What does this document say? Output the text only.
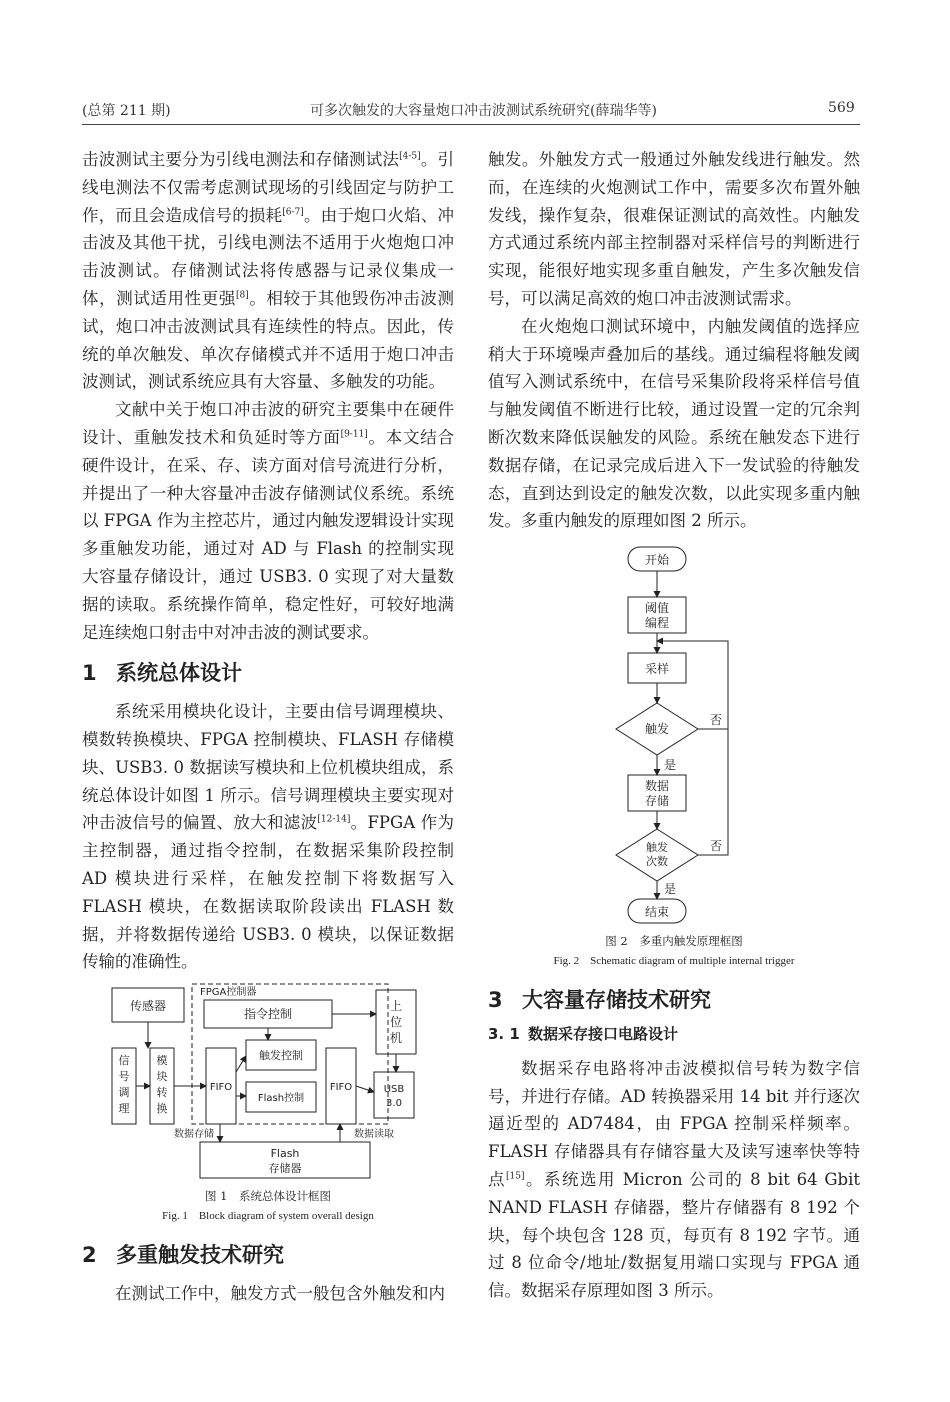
(总第 211 期)	可多次触发的大容量炮口冲击波测试系统研究(薛瑞华等)	569

击波测试主要分为引线电测法和存储测试法[4-5]。引线电测法不仅需考虑测试现场的引线固定与防护工作，而且会造成信号的损耗[6-7]。由于炮口火焰、冲击波及其他干扰，引线电测法不适用于火炮炮口冲击波测试。存储测试法将传感器与记录仪集成一体，测试适用性更强[8]。相较于其他毁伤冲击波测试，炮口冲击波测试具有连续性的特点。因此，传统的单次触发、单次存储模式并不适用于炮口冲击波测试，测试系统应具有大容量、多触发的功能。

文献中关于炮口冲击波的研究主要集中在硬件设计、重触发技术和负延时等方面[9-11]。本文结合硬件设计，在采、存、读方面对信号流进行分析，并提出了一种大容量冲击波存储测试仪系统。系统以 FPGA 作为主控芯片，通过内触发逻辑设计实现多重触发功能，通过对 AD 与 Flash 的控制实现大容量存储设计，通过 USB3. 0 实现了对大量数据的读取。系统操作简单，稳定性好，可较好地满足连续炮口射击中对冲击波的测试要求。

1 系统总体设计

系统采用模块化设计，主要由信号调理模块、模数转换模块、FPGA 控制模块、FLASH 存储模块、USB3. 0 数据读写模块和上位机模块组成，系统总体设计如图 1 所示。信号调理模块主要实现对冲击波信号的偏置、放大和滤波[12-14]。FPGA 作为主控制器，通过指令控制，在数据采集阶段控制 AD 模块进行采样，在触发控制下将数据写入 FLASH 模块，在数据读取阶段读出 FLASH 数据，并将数据传递给 USB3. 0 模块，以保证数据传输的准确性。

传感器
FPGA控制器
上
位
机
指令控制
信
号
调
理
模
块
转
换
FIFO
触发控制
FIFO	USB
3.0
Flash控制
数据存储	数据读取
Flash
存储器
图 1　系统总体设计框图
Fig. 1　Block diagram of system overall design
2 多重触发技术研究

在测试工作中，触发方式一般包含外触发和内

触发。外触发方式一般通过外触发线进行触发。然而，在连续的火炮测试工作中，需要多次布置外触发线，操作复杂，很难保证测试的高效性。内触发方式通过系统内部主控制器对采样信号的判断进行实现，能很好地实现多重自触发，产生多次触发信号，可以满足高效的炮口冲击波测试需求。

在火炮炮口测试环境中，内触发阈值的选择应稍大于环境噪声叠加后的基线。通过编程将触发阈值写入测试系统中，在信号采集阶段将采样信号值与触发阈值不断进行比较，通过设置一定的冗余判断次数来降低误触发的风险。系统在触发态下进行数据存储，在记录完成后进入下一发试验的待触发态，直到达到设定的触发次数，以此实现多重内触发。多重内触发的原理如图 2 所示。

开始
阈值
编程
采样
触发
数据
存储
触发
次数
结束
否
是
否
是
图 2　多重内触发原理框图
Fig. 2　Schematic diagram of multiple internal trigger
3 大容量存储技术研究
3. 1 数据采存接口电路设计

数据采存电路将冲击波模拟信号转为数字信号，并进行存储。AD 转换器采用 14 bit 并行逐次逼近型的 AD7484，由 FPGA 控制采样频率。FLASH 存储器具有存储容量大及读写速率快等特点[15]。系统选用 Micron 公司的 8 bit 64 Gbit NAND FLASH 存储器，整片存储器有 8 192 个块，每个块包含 128 页，每页有 8 192 字节。通过 8 位命令/地址/数据复用端口实现与 FPGA 通信。数据采存原理如图 3 所示。
